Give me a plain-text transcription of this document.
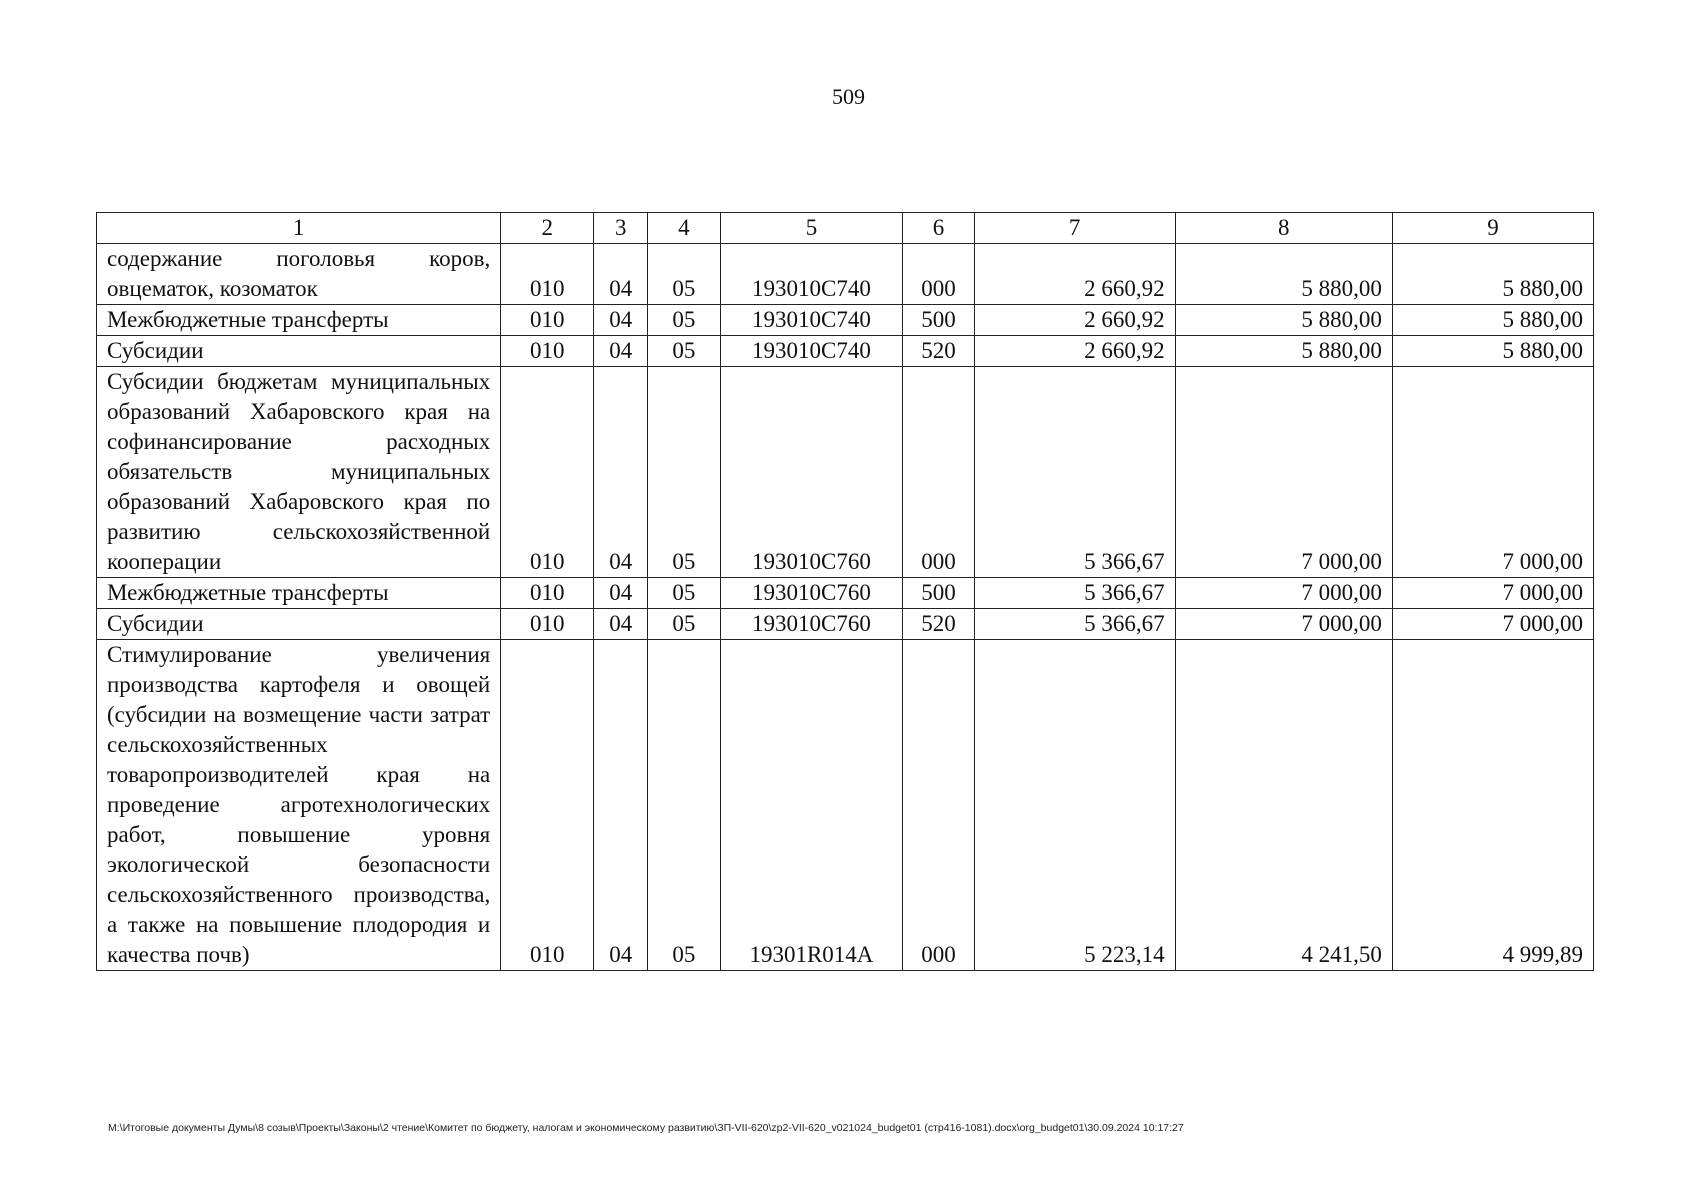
509
1	2	3	4	5	6	7	8	9
содержание поголовья коров, овцематок, козоматок	010	04	05	193010С740	000	2 660,92	5 880,00	5 880,00
Межбюджетные трансферты	010	04	05	193010С740	500	2 660,92	5 880,00	5 880,00
Субсидии	010	04	05	193010С740	520	2 660,92	5 880,00	5 880,00
Субсидии бюджетам муниципальных образований Хабаровского края на софинансирование расходных обязательств муниципальных образований Хабаровского края по развитию сельскохозяйственной кооперации	010	04	05	193010С760	000	5 366,67	7 000,00	7 000,00
Межбюджетные трансферты	010	04	05	193010С760	500	5 366,67	7 000,00	7 000,00
Субсидии	010	04	05	193010С760	520	5 366,67	7 000,00	7 000,00
Стимулирование увеличения производства картофеля и овощей (субсидии на возмещение части затрат сельскохозяйственных товаропроизводителей края на проведение агротехнологических работ, повышение уровня экологической безопасности сельскохозяйственного производства, а также на повышение плодородия и качества почв)	010	04	05	19301R014A	000	5 223,14	4 241,50	4 999,89
M:\Итоговые документы Думы\8 созыв\Проекты\Законы\2 чтение\Комитет по бюджету, налогам и экономическому развитию\ЗП-VII-620\zp2-VII-620_v021024_budget01 (стр416-1081).docx\org_budget01\30.09.2024 10:17:27
